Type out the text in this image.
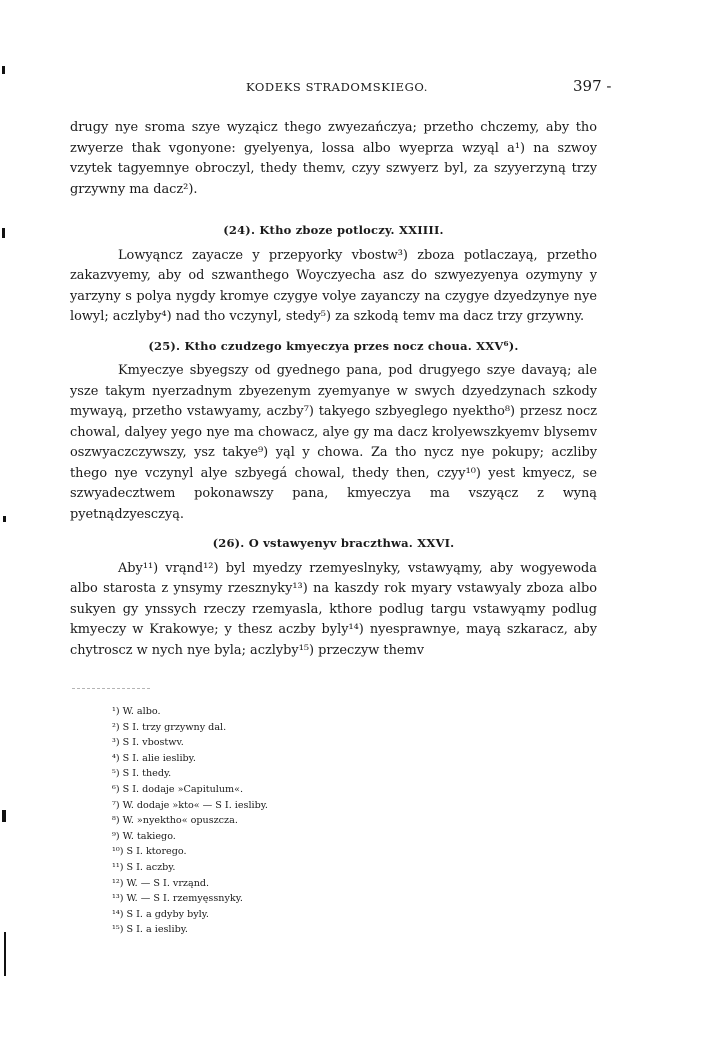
KODEKS STRADOMSKIEGO.	397 -

drugy nye sroma szye wyząicz thego zwyezańczya; przetho chczemy, aby tho zwyerze thak vgonyone: gyelyenya, lossa albo wyeprza wzyąl a¹) na szwoy vzytek tagyemnye obroczyl, thedy themv, czyy szwyerz byl, za szyyerzyną trzy grzywny ma dacz²).

(24). Ktho zboze potloczy. XXIIII.

Lowyąncz zayacze y przepyorky vbostw³) zboza potlaczayą, przetho zakazvyemy, aby od szwanthego Woyczyecha asz do szwyezyenya ozymyny y yarzyny s polya nygdy kromye czygye volye zayanczy na czygye dzyedzynye nye lowyl; aczlyby⁴) nad tho vczynyl, stedy⁵) za szkodą temv ma dacz trzy grzywny.

(25). Ktho czudzego kmyeczya przes nocz choua. XXV⁶).

Kmyeczye sbyegszy od gyednego pana, pod drugyego szye davayą; ale ysze takym nyerzadnym zbyezenym zyemyanye w swych dzyedzynach szkody mywayą, przetho vstawyamy, aczby⁷) takyego szbyeglego nyektho⁸) przesz nocz chowal, dalyey yego nye ma chowacz, alye gy ma dacz krolyewszkyemv blysemv oszwyaczczywszy, ysz takye⁹) yąl y chowa. Za tho nycz nye pokupy; aczliby thego nye vczynyl alye szbyegá chowal, thedy then, czyy¹⁰) yest kmyecz, se szwyadecztwem pokonawszy pana, kmyeczya ma vszyącz z wyną pyetnądzyesczyą.

(26). O vstawyenyv braczthwa. XXVI.

Aby¹¹) vrąnd¹²) byl myedzy rzemyeslnyky, vstawyąmy, aby wogyewoda albo starosta z ynsymy rzesznyky¹³) na kaszdy rok myary vstawyaly zboza albo sukyen gy ynssych rzeczy rzemyasla, kthore podlug targu vstawyąmy podlug kmyeczy w Krakowye; y thesz aczby byly¹⁴) nyesprawnye, mayą szkaracz, aby chytroscz w nych nye byla; aczlyby¹⁵) przeczyw themv

¹) W. albo.
²) S I. trzy grzywny dal.
³) S I. vbostwv.
⁴) S I. alie iesliby.
⁵) S I. thedy.
⁶) S I. dodaje »Capitulum«.
⁷) W. dodaje »kto« — S I. iesliby.
⁸) W. »nyektho« opuszcza.
⁹) W. takiego.
¹⁰) S I. ktorego.
¹¹) S I. aczby.
¹²) W. — S I. vrząnd.
¹³) W. — S I. rzemyęssnyky.
¹⁴) S I. a gdyby byly.
¹⁵) S I. a iesliby.
